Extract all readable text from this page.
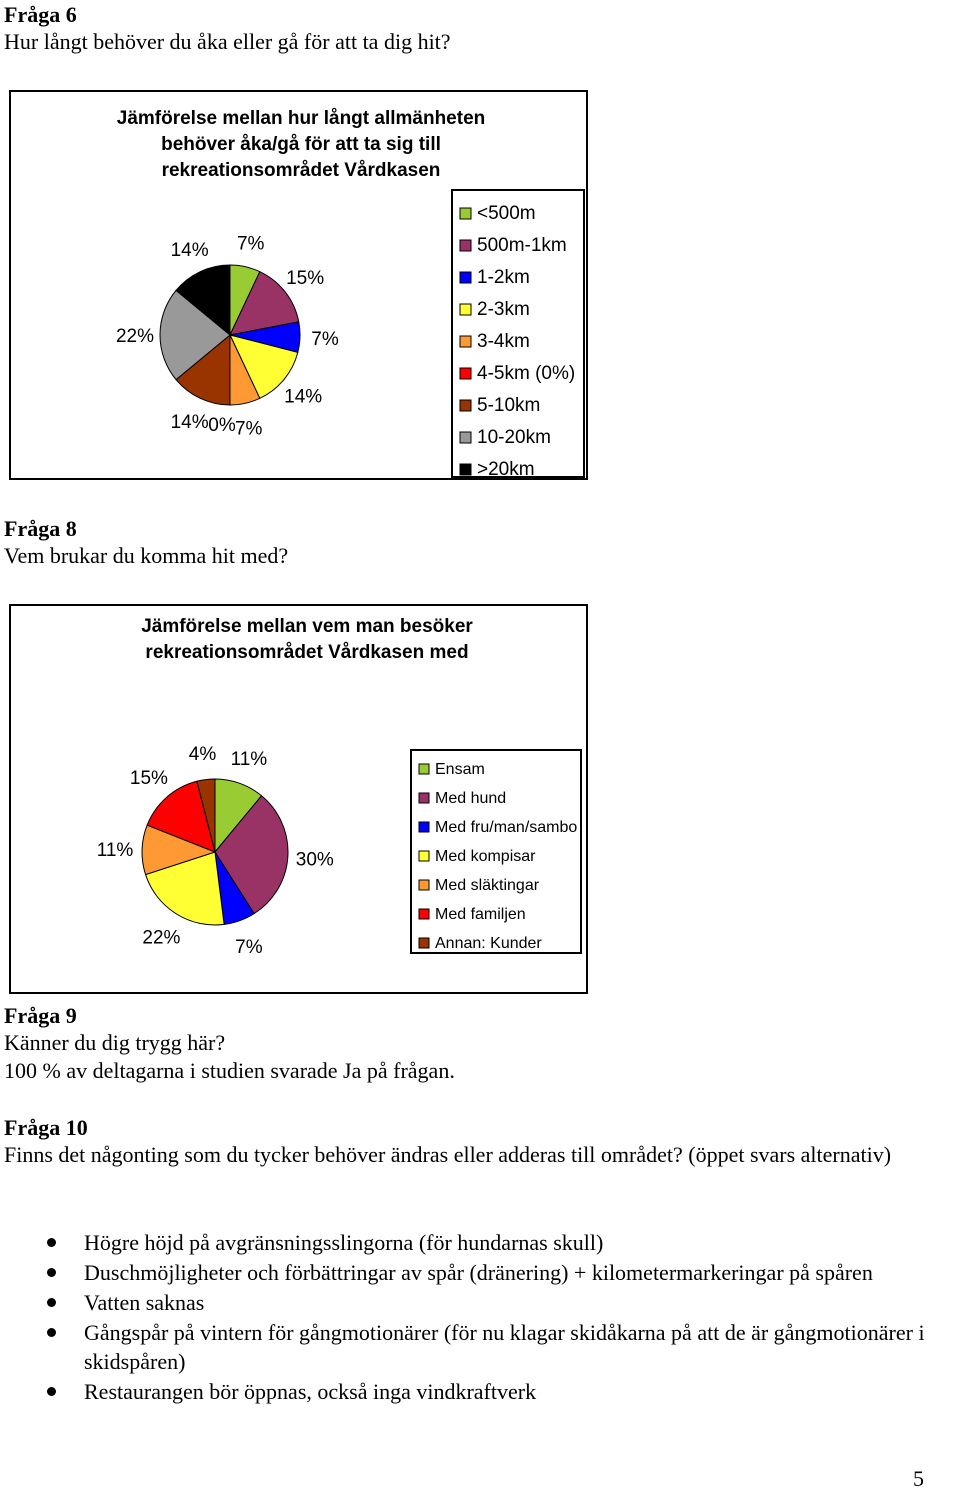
Fråga 6
Hur långt behöver du åka eller gå för att ta dig hit?
Jämförelse mellan hur långt allmänheten
behöver åka/gå för att ta sig till
rekreationsområdet Vårdkasen
7%
15%
7%
14%
7%
0%
14%
22%
14%
<500m
500m-1km
1-2km
2-3km
3-4km
4-5km (0%)
5-10km
10-20km
>20km
Fråga 8
Vem brukar du komma hit med?
Jämförelse mellan vem man besöker
rekreationsområdet Vårdkasen med
11%
30%
7%
22%
11%
15%
4%
Ensam
Med hund
Med fru/man/sambo
Med kompisar
Med släktingar
Med familjen
Annan: Kunder
Fråga 9
Känner du dig trygg här?
100 % av deltagarna i studien svarade Ja på frågan.
Fråga 10
Finns det någonting som du tycker behöver ändras eller adderas till området? (öppet svars alternativ)
Högre höjd på avgränsningsslingorna (för hundarnas skull)
Duschmöjligheter och förbättringar av spår (dränering) + kilometermarkeringar på spåren
Vatten saknas
Gångspår på vintern för gångmotionärer (för nu klagar skidåkarna på att de är gångmotionärer i skidspåren)
Restaurangen bör öppnas, också inga vindkraftverk
5
